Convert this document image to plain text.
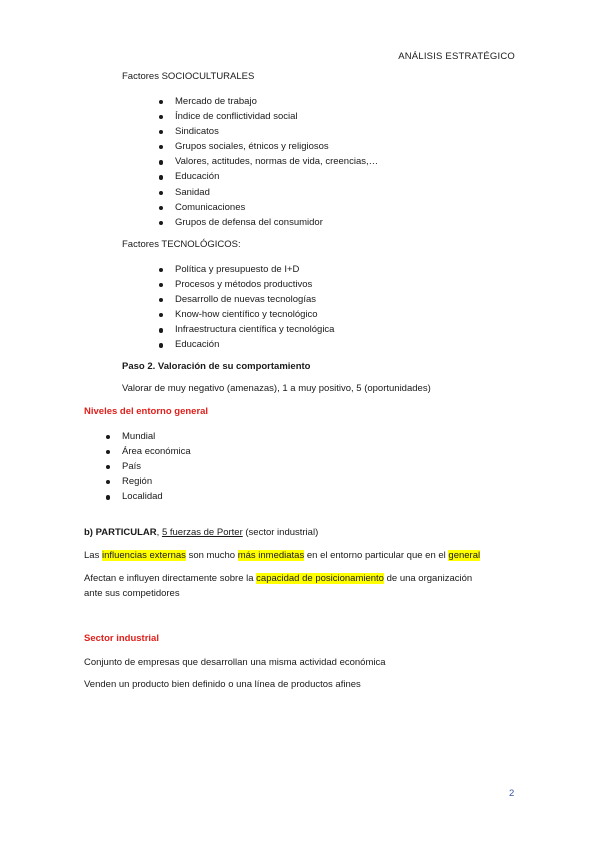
ANÁLISIS ESTRATÉGICO
Factores SOCIOCULTURALES
Mercado de trabajo
Índice de conflictividad social
Sindicatos
Grupos sociales, étnicos y religiosos
Valores, actitudes, normas de vida, creencias,…
Educación
Sanidad
Comunicaciones
Grupos de defensa del consumidor
Factores TECNOLÓGICOS:
Política y presupuesto de I+D
Procesos y métodos productivos
Desarrollo de nuevas tecnologías
Know-how científico y tecnológico
Infraestructura científica y tecnológica
Educación
Paso 2. Valoración de su comportamiento
Valorar de muy negativo (amenazas), 1 a muy positivo, 5 (oportunidades)
Niveles del entorno general
Mundial
Área económica
País
Región
Localidad
b) PARTICULAR, 5 fuerzas de Porter (sector industrial)
Las influencias externas son mucho más inmediatas en el entorno particular que en el general
Afectan e influyen directamente sobre la capacidad de posicionamiento de una organización
ante sus competidores
Sector industrial
Conjunto de empresas que desarrollan una misma actividad económica
Venden un producto bien definido o una línea de productos afines
2
